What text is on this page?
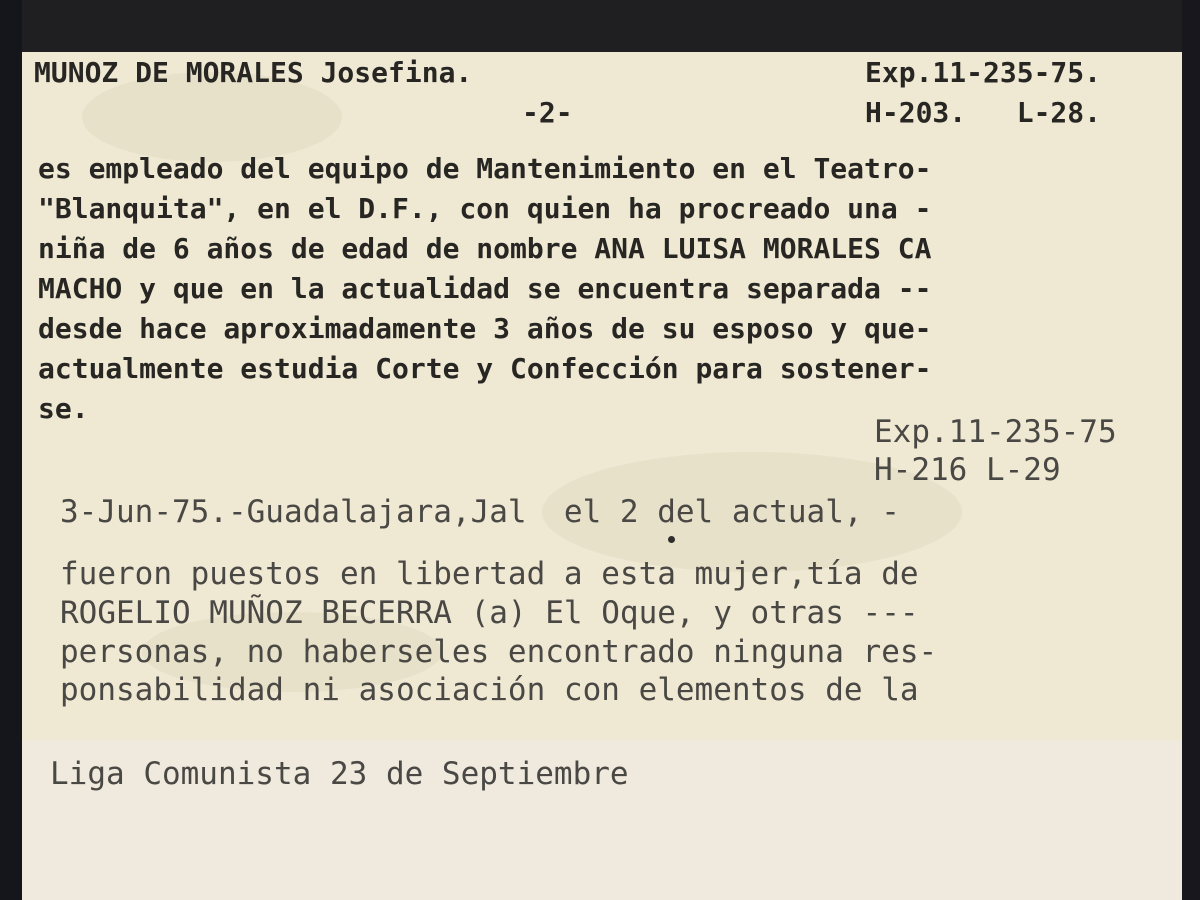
MUNOZ DE MORALES Josefina.	Exp.11-235-75.
-2-	H-203.   L-28.
es empleado del equipo de Mantenimiento en el Teatro-
"Blanquita", en el D.F., con quien ha procreado una -
niña de 6 años de edad de nombre ANA LUISA MORALES CA
MACHO y que en la actualidad se encuentra separada --
desde hace aproximadamente 3 años de su esposo y que-
actualmente estudia Corte y Confección para sostener-
se.
Exp.11-235-75
H-216 L-29
3-Jun-75.-Guadalajara,Jal  el 2 del actual, -
fueron puestos en libertad a esta mujer,tía de
ROGELIO MUÑOZ BECERRA (a) El Oque, y otras ---
personas, no haberseles encontrado ninguna res-
ponsabilidad ni asociación con elementos de la
Liga Comunista 23 de Septiembre
